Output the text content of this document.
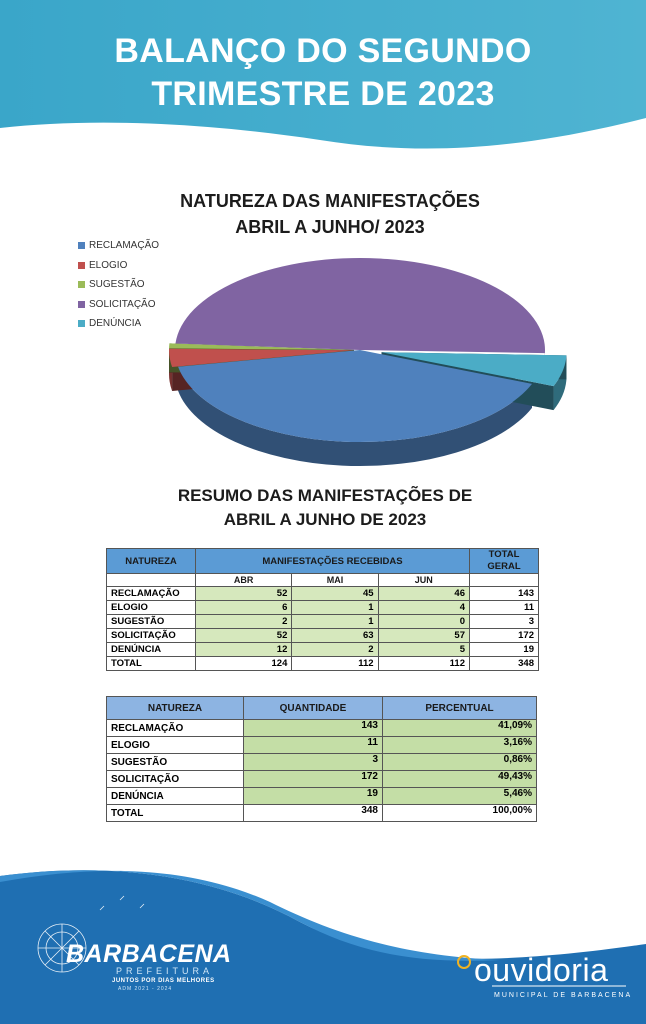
BALANÇO DO SEGUNDO
TRIMESTRE DE 2023
NATUREZA DAS MANIFESTAÇÕES
ABRIL A JUNHO/ 2023
RECLAMAÇÃO
ELOGIO
SUGESTÃO
SOLICITAÇÃO
DENÚNCIA
RESUMO DAS MANIFESTAÇÕES DE
ABRIL A JUNHO DE 2023
NATUREZA	MANIFESTAÇÕES RECEBIDAS			TOTAL
GERAL

	ABR	MAI	JUN	
RECLAMAÇÃO	52	45	46	143
ELOGIO	6	1	4	11
SUGESTÃO	2	1	0	3
SOLICITAÇÃO	52	63	57	172
DENÚNCIA	12	2	5	19
TOTAL	124	112	112	348
NATUREZA	QUANTIDADE	PERCENTUAL
RECLAMAÇÃO	143	41,09%
ELOGIO	11	3,16%
SUGESTÃO	3	0,86%
SOLICITAÇÃO	172	49,43%
DENÚNCIA	19	5,46%
TOTAL	348	100,00%
BARBACENA
PREFEITURA
JUNTOS POR DIAS MELHORES
ADM 2021 - 2024
ouvidoria
MUNICIPAL DE BARBACENA
